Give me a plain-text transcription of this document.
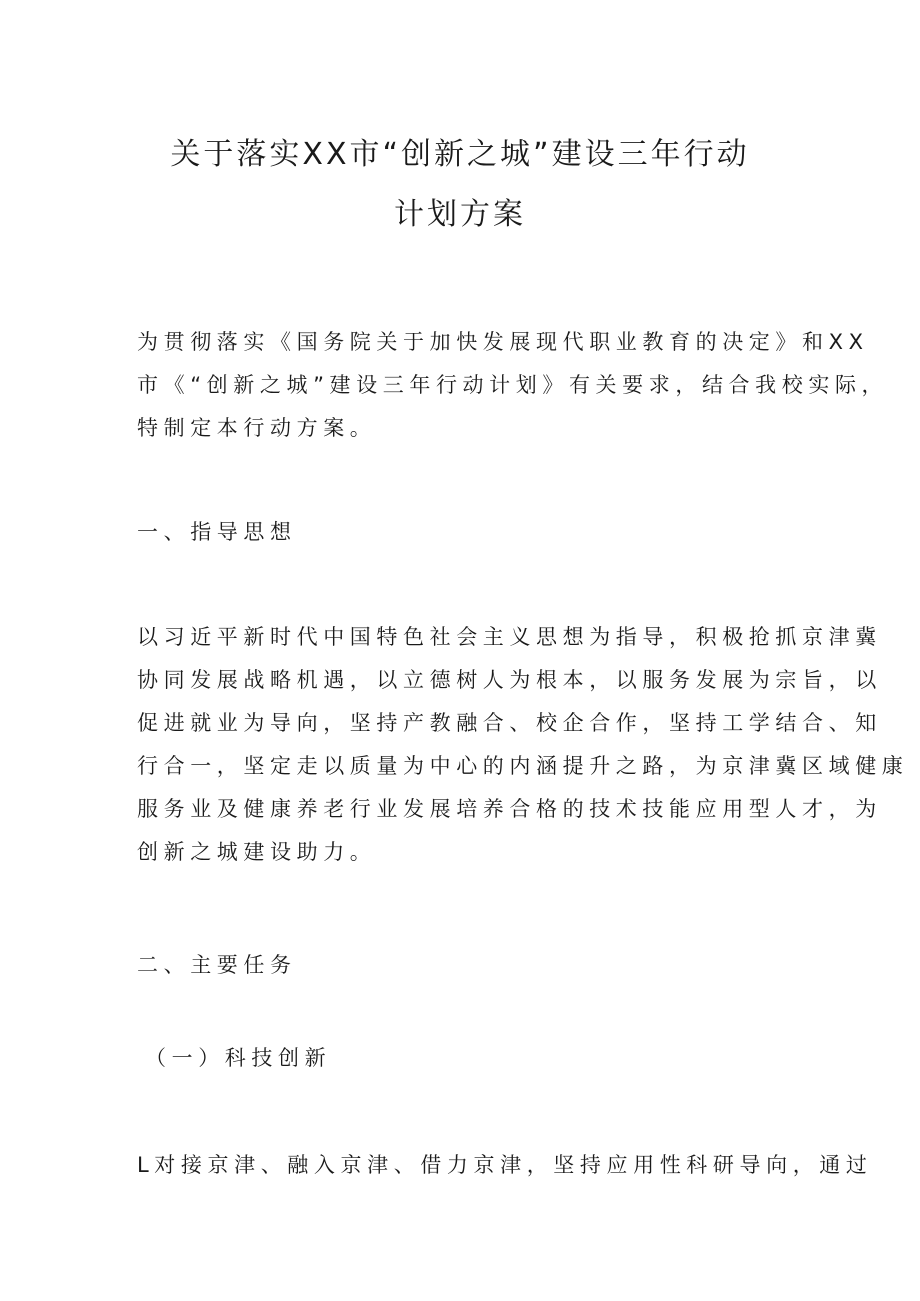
关于落实XX市“创新之城”建设三年行动
计划方案
为贯彻落实《国务院关于加快发展现代职业教育的决定》和XX
市《“创新之城”建设三年行动计划》有关要求，结合我校实际，
特制定本行动方案。
一、指导思想
以习近平新时代中国特色社会主义思想为指导，积极抢抓京津冀
协同发展战略机遇，以立德树人为根本，以服务发展为宗旨，以
促进就业为导向，坚持产教融合、校企合作，坚持工学结合、知
行合一，坚定走以质量为中心的内涵提升之路，为京津冀区域健康
服务业及健康养老行业发展培养合格的技术技能应用型人才，为
创新之城建设助力。
二、主要任务
（一）科技创新
L对接京津、融入京津、借力京津，坚持应用性科研导向，通过
